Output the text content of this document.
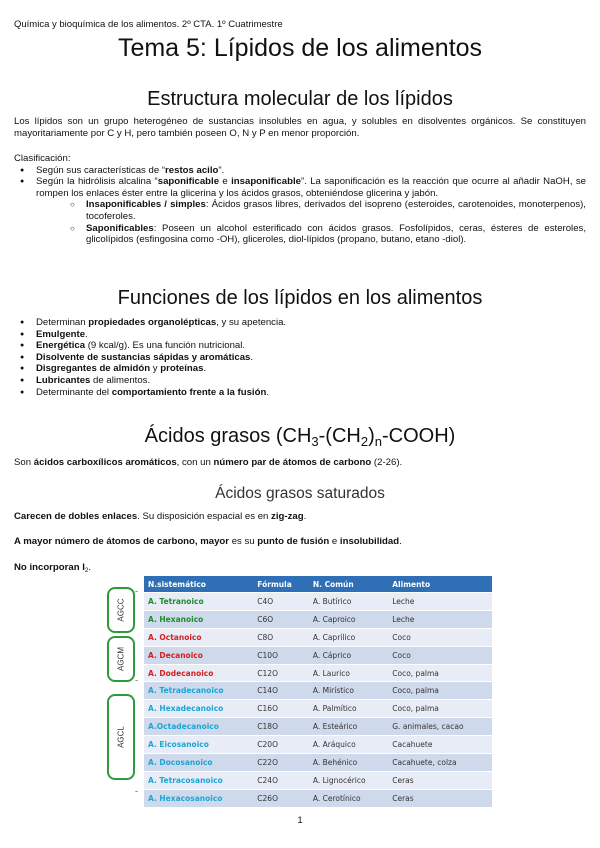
Química y bioquímica de los alimentos. 2º CTA. 1º Cuatrimestre
Tema 5: Lípidos de los alimentos
Estructura molecular de los lípidos
Los lípidos son un grupo heterogéneo de sustancias insolubles en agua, y solubles en disolventes orgánicos. Se constituyen mayoritariamente por C y H, pero también poseen O, N y P en menor proporción.
Clasificación:
● Según sus características de “restos acilo”.
● Según la hidrólisis alcalina “saponificable e insaponificable”. La saponificación es la reacción que ocurre al añadir NaOH, se rompen los enlaces éster entre la glicerina y los ácidos grasos, obteniéndose glicerina y jabón.
○ Insaponificables / simples: Ácidos grasos libres, derivados del isopreno (esteroides, carotenoides, monoterpenos), tocoferoles.
○ Saponificables: Poseen un alcohol esterificado con ácidos grasos. Fosfolípidos, ceras, ésteres de esteroles, glicolípidos (esfingosina como -OH), gliceroles, diol-lípidos (propano, butano, etano -diol).
Funciones de los lípidos en los alimentos
● Determinan propiedades organolépticas, y su apetencia.
● Emulgente.
● Energética (9 kcal/g). Es una función nutricional.
● Disolvente de sustancias sápidas y aromáticas.
● Disgregantes de almidón y proteínas.
● Lubricantes de alimentos.
● Determinante del comportamiento frente a la fusión.
Ácidos grasos $(CH_3-(CH_2)_n-COOH)$
Son ácidos carboxílicos aromáticos, con un número par de átomos de carbono (2-26).
Ácidos grasos saturados
Carecen de dobles enlaces. Su disposición espacial es en zig-zag.
A mayor número de átomos de carbono, mayor es su punto de fusión e insolubilidad.
No incorporan $I_2$.
AGCC
AGCM
AGCL
-
-
-
N.sistemático	Fórmula	N. Común	Alimento
A. Tetranoico	C4O	A. Butírico	Leche
A. Hexanoico	C6O	A. Caproico	Leche
A. Octanoico	C8O	A. Caprílico	Coco
A. Decanoico	C10O	A. Cáprico	Coco
A. Dodecanoico	C12O	A. Laurico	Coco, palma
A. Tetradecanoico	C14O	A. Mirístico	Coco, palma
A. Hexadecanoico	C16O	A. Palmítico	Coco, palma
A.Octadecanoico	C18O	A. Esteárico	G. animales, cacao
A. Eicosanoico	C20O	A. Aráquico	Cacahuete
A. Docosanoico	C22O	A. Behénico	Cacahuete, colza
A. Tetracosanoico	C24O	A. Lignocérico	Ceras
A. Hexacosanoico	C26O	A. Cerotínico	Ceras
1
